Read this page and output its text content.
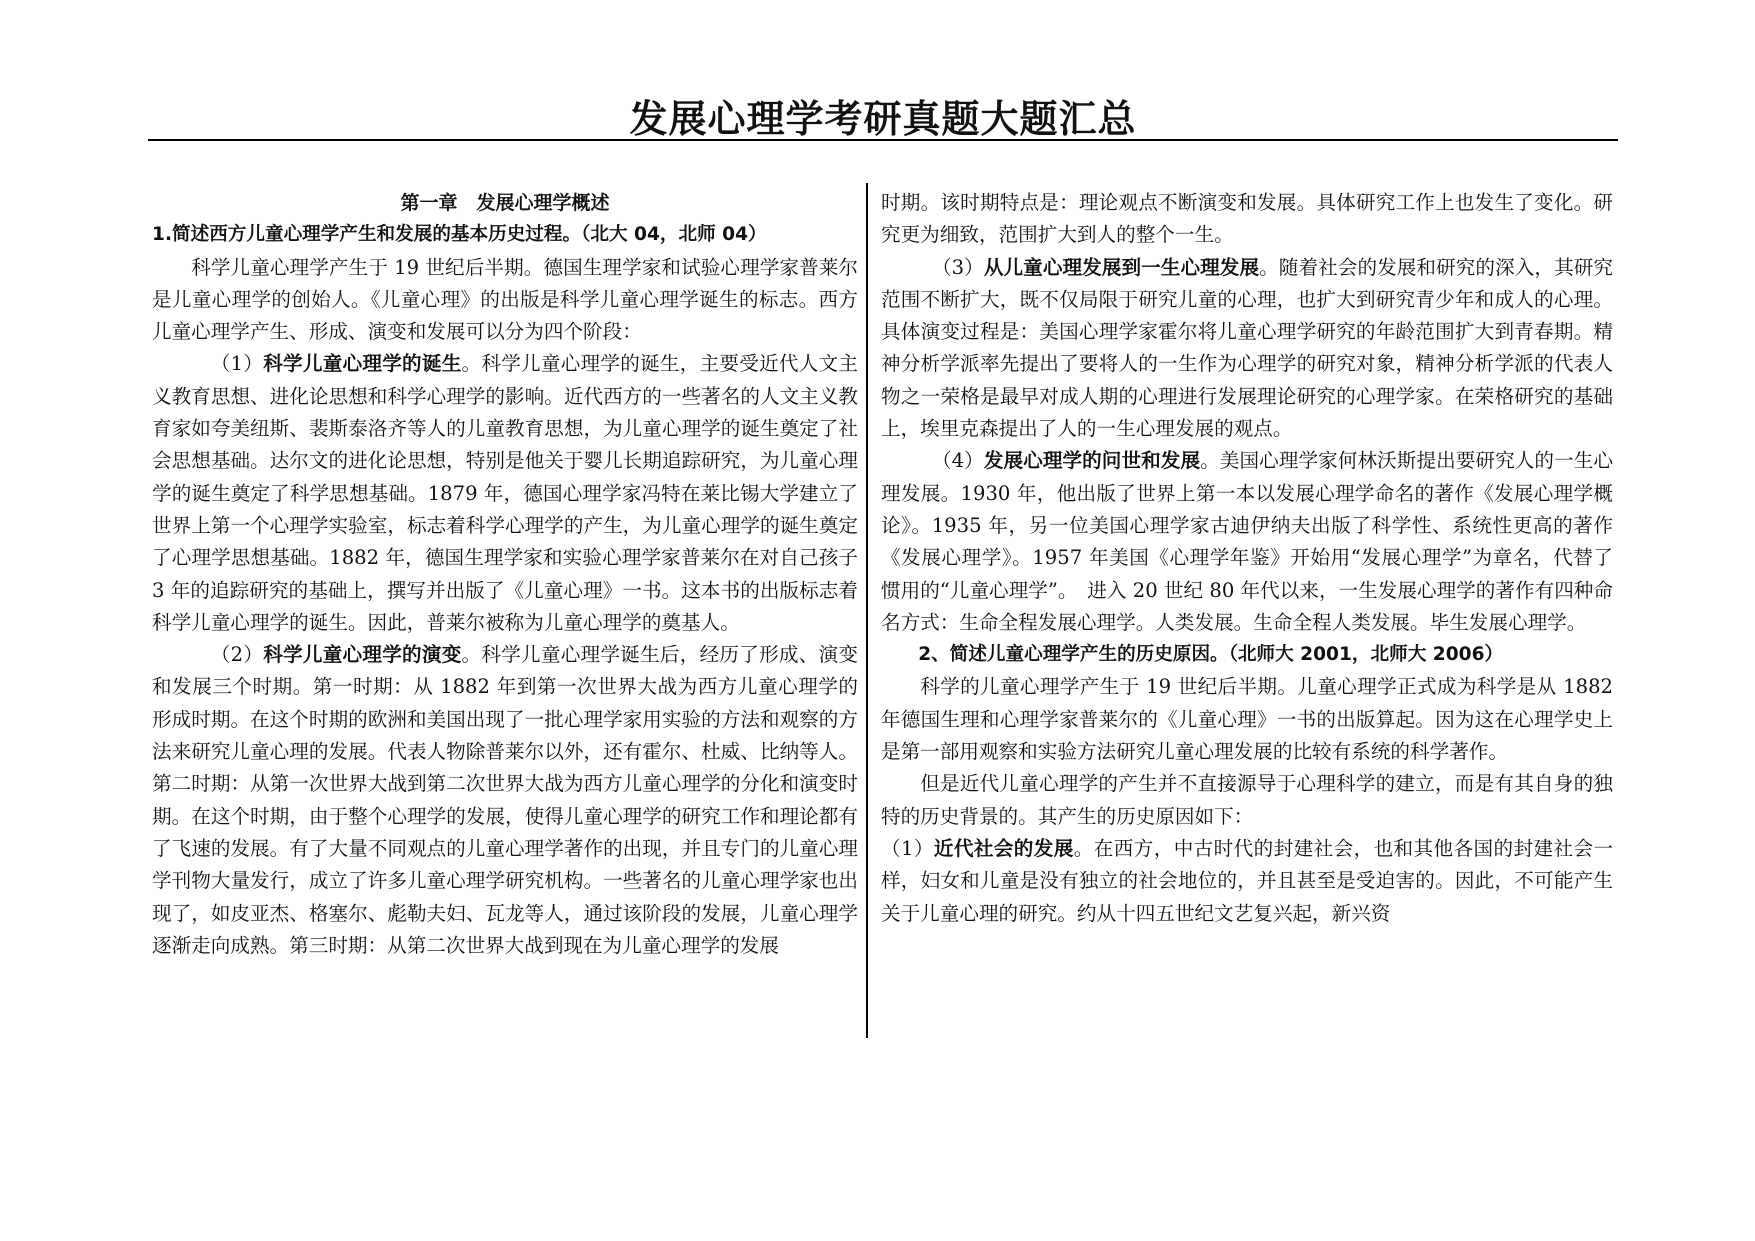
发展心理学考研真题大题汇总

第一章　发展心理学概述

1.简述西方儿童心理学产生和发展的基本历史过程。（北大 04，北师 04）

科学儿童心理学产生于 19 世纪后半期。德国生理学家和试验心理学家普莱尔是儿童心理学的创始人。《儿童心理》的出版是科学儿童心理学诞生的标志。西方儿童心理学产生、形成、演变和发展可以分为四个阶段：

（1）科学儿童心理学的诞生。科学儿童心理学的诞生，主要受近代人文主义教育思想、进化论思想和科学心理学的影响。近代西方的一些著名的人文主义教育家如夸美纽斯、裴斯泰洛齐等人的儿童教育思想，为儿童心理学的诞生奠定了社会思想基础。达尔文的进化论思想，特别是他关于婴儿长期追踪研究，为儿童心理学的诞生奠定了科学思想基础。1879 年，德国心理学家冯特在莱比锡大学建立了世界上第一个心理学实验室，标志着科学心理学的产生，为儿童心理学的诞生奠定了心理学思想基础。1882 年，德国生理学家和实验心理学家普莱尔在对自己孩子 3 年的追踪研究的基础上，撰写并出版了《儿童心理》一书。这本书的出版标志着科学儿童心理学的诞生。因此，普莱尔被称为儿童心理学的奠基人。

（2）科学儿童心理学的演变。科学儿童心理学诞生后，经历了形成、演变和发展三个时期。第一时期：从 1882 年到第一次世界大战为西方儿童心理学的形成时期。在这个时期的欧洲和美国出现了一批心理学家用实验的方法和观察的方法来研究儿童心理的发展。代表人物除普莱尔以外，还有霍尔、杜威、比纳等人。第二时期：从第一次世界大战到第二次世界大战为西方儿童心理学的分化和演变时期。在这个时期，由于整个心理学的发展，使得儿童心理学的研究工作和理论都有了飞速的发展。有了大量不同观点的儿童心理学著作的出现，并且专门的儿童心理学刊物大量发行，成立了许多儿童心理学研究机构。一些著名的儿童心理学家也出现了，如皮亚杰、格塞尔、彪勒夫妇、瓦龙等人，通过该阶段的发展，儿童心理学逐渐走向成熟。第三时期：从第二次世界大战到现在为儿童心理学的发展

时期。该时期特点是：理论观点不断演变和发展。具体研究工作上也发生了变化。研究更为细致，范围扩大到人的整个一生。

（3）从儿童心理发展到一生心理发展。随着社会的发展和研究的深入，其研究范围不断扩大，既不仅局限于研究儿童的心理，也扩大到研究青少年和成人的心理。具体演变过程是：美国心理学家霍尔将儿童心理学研究的年龄范围扩大到青春期。精神分析学派率先提出了要将人的一生作为心理学的研究对象，精神分析学派的代表人物之一荣格是最早对成人期的心理进行发展理论研究的心理学家。在荣格研究的基础上，埃里克森提出了人的一生心理发展的观点。

（4）发展心理学的问世和发展。美国心理学家何林沃斯提出要研究人的一生心理发展。1930 年，他出版了世界上第一本以发展心理学命名的著作《发展心理学概论》。1935 年，另一位美国心理学家古迪伊纳夫出版了科学性、系统性更高的著作《发展心理学》。1957 年美国《心理学年鉴》开始用“发展心理学”为章名，代替了惯用的“儿童心理学”。　进入 20 世纪 80 年代以来，一生发展心理学的著作有四种命名方式：生命全程发展心理学。人类发展。生命全程人类发展。毕生发展心理学。

2、简述儿童心理学产生的历史原因。（北师大 2001，北师大 2006）

科学的儿童心理学产生于 19 世纪后半期。儿童心理学正式成为科学是从 1882 年德国生理和心理学家普莱尔的《儿童心理》一书的出版算起。因为这在心理学史上是第一部用观察和实验方法研究儿童心理发展的比较有系统的科学著作。

但是近代儿童心理学的产生并不直接源导于心理科学的建立，而是有其自身的独特的历史背景的。其产生的历史原因如下：

（1）近代社会的发展。在西方，中古时代的封建社会，也和其他各国的封建社会一样，妇女和儿童是没有独立的社会地位的，并且甚至是受迫害的。因此，不可能产生关于儿童心理的研究。约从十四五世纪文艺复兴起，新兴资
